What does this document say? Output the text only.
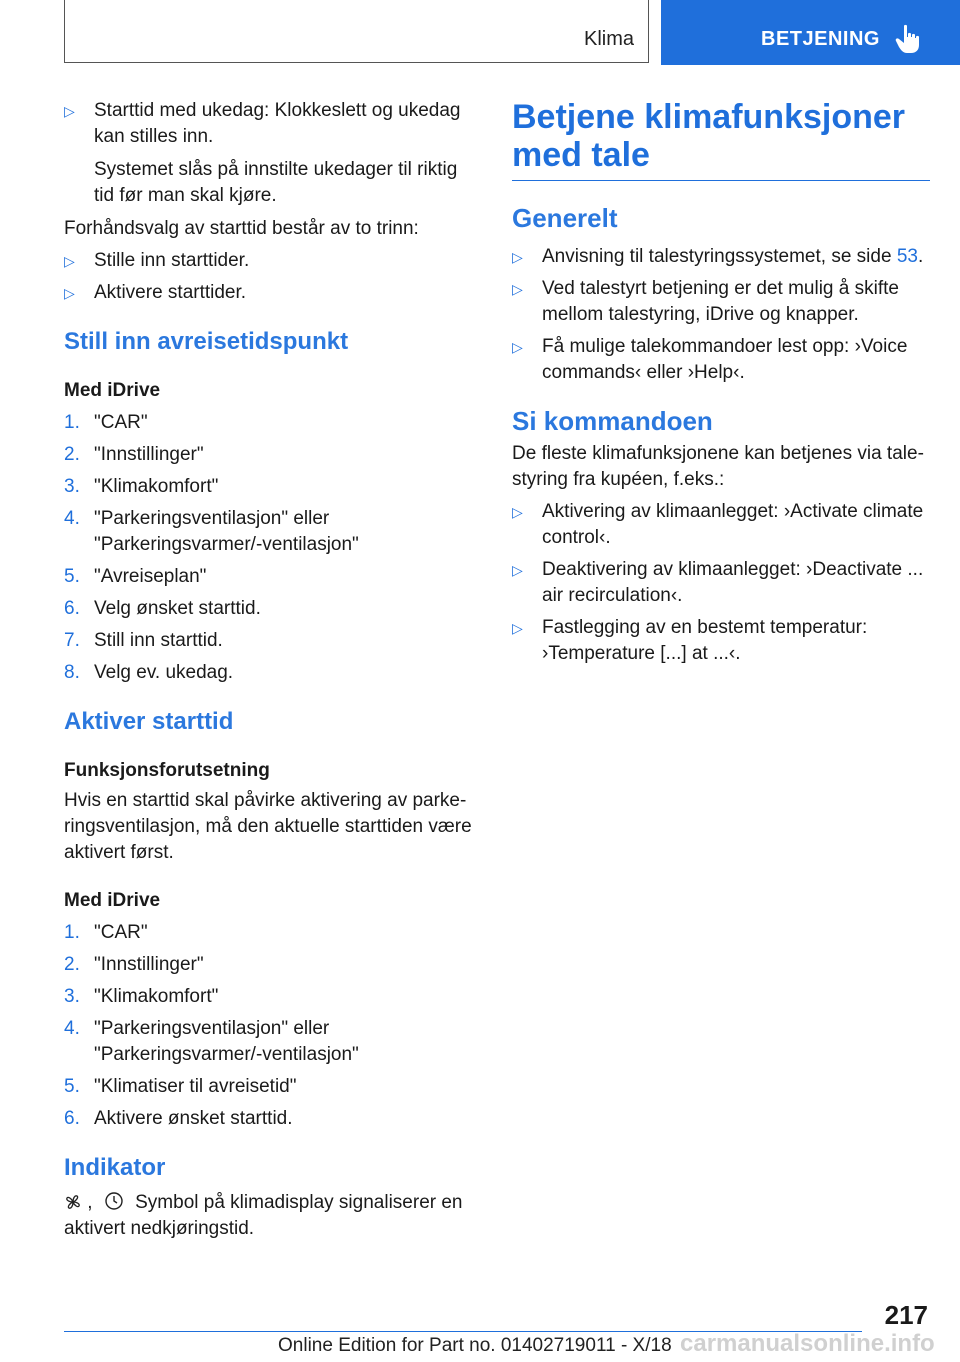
Klima	BETJENING
▷ Starttid med ukedag: Klokkeslett og ukedag kan stilles inn.

Systemet slås på innstilte ukedager til riktig tid før man skal kjøre.

Forhåndsvalg av starttid består av to trinn:

▷ Stille inn starttider.
▷ Aktivere starttider.
Still inn avreisetidspunkt

Med iDrive

1. "CAR"
2. "Innstillinger"
3. "Klimakomfort"
4. "Parkeringsventilasjon" eller "Parkeringsvarmer/-ventilasjon"
5. "Avreiseplan"
6. Velg ønsket starttid.
7. Still inn starttid.
8. Velg ev. ukedag.
Aktiver starttid

Funksjonsforutsetning

Hvis en starttid skal påvirke aktivering av parke-ringsventilasjon, må den aktuelle starttiden være aktivert først.

Med iDrive

1. "CAR"
2. "Innstillinger"
3. "Klimakomfort"
4. "Parkeringsventilasjon" eller "Parkeringsvarmer/-ventilasjon"
5. "Klimatiser til avreisetid"
6. Aktivere ønsket starttid.
Indikator

, Symbol på klimadisplay signaliserer en aktivert nedkjøringstid.

Betjene klimafunksjoner med tale
Generelt
▷ Anvisning til talestyringssystemet, se side 53.
▷ Ved talestyrt betjening er det mulig å skifte mellom talestyring, iDrive og knapper.
▷ Få mulige talekommandoer lest opp: ›Voice commands‹ eller ›Help‹.
Si kommandoen

De fleste klimafunksjonene kan betjenes via tale-styring fra kupéen, f.eks.:

▷ Aktivering av klimaanlegget: ›Activate climate control‹.
▷ Deaktivering av klimaanlegget: ›Deactivate ... air recirculation‹.
▷ Fastlegging av en bestemt temperatur: ›Temperature [...] at ...‹.
217
Online Edition for Part no. 01402719011 - X/18 carmanualsonline.info
